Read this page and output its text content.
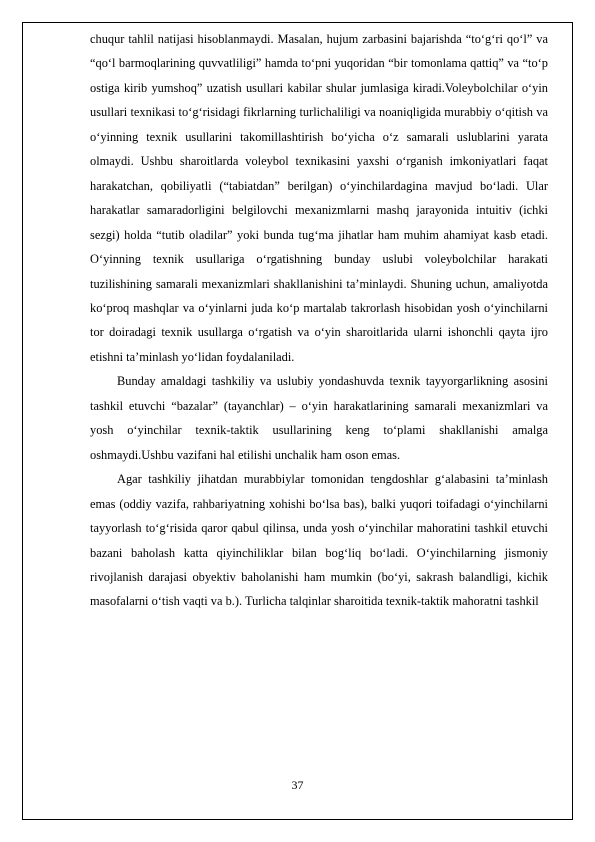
chuqur tahlil natijasi hisoblanmaydi. Masalan, hujum zarbasini bajarishda “to‘g‘ri qo‘l” va “qo‘l barmoqlarining quvvatliligi” hamda to‘pni yuqoridan “bir tomonlama qattiq” va “to‘p ostiga kirib yumshoq” uzatish usullari kabilar shular jumlasiga kiradi.Voleybolchilar o‘yin usullari texnikasi to‘g‘risidagi fikrlarning turlichaliligi va noaniqligida murabbiy o‘qitish va o‘yinning texnik usullarini takomillashtirish bo‘yicha o‘z samarali uslublarini yarata olmaydi. Ushbu sharoitlarda voleybol texnikasini yaxshi o‘rganish imkoniyatlari faqat harakatchan, qobiliyatli (“tabiatdan” berilgan) o‘yinchilardagina mavjud bo‘ladi. Ular harakatlar samaradorligini belgilovchi mexanizmlarni mashq jarayonida intuitiv (ichki sezgi) holda “tutib oladilar” yoki bunda tug‘ma jihatlar ham muhim ahamiyat kasb etadi. O‘yinning texnik usullariga o‘rgatishning bunday uslubi voleybolchilar harakati tuzilishining samarali mexanizmlari shakllanishini ta’minlaydi. Shuning uchun, amaliyotda ko‘proq mashqlar va o‘yinlarni juda ko‘p martalab takrorlash hisobidan yosh o‘yinchilarni tor doiradagi texnik usullarga o‘rgatish va o‘yin sharoitlarida ularni ishonchli qayta ijro etishni ta’minlash yo‘lidan foydalaniladi.

Bunday amaldagi tashkiliy va uslubiy yondashuvda texnik tayyorgarlikning asosini tashkil etuvchi “bazalar” (tayanchlar) – o‘yin harakatlarining samarali mexanizmlari va yosh o‘yinchilar texnik-taktik usullarining keng to‘plami shakllanishi amalga oshmaydi.Ushbu vazifani hal etilishi unchalik ham oson emas.

Agar tashkiliy jihatdan murabbiylar tomonidan tengdoshlar g‘alabasini ta’minlash emas (oddiy vazifa, rahbariyatning xohishi bo‘lsa bas), balki yuqori toifadagi o‘yinchilarni tayyorlash to‘g‘risida qaror qabul qilinsa, unda yosh o‘yinchilar mahoratini tashkil etuvchi bazani baholash katta qiyinchiliklar bilan bog‘liq bo‘ladi. O‘yinchilarning jismoniy rivojlanish darajasi obyektiv baholanishi ham mumkin (bo‘yi, sakrash balandligi, kichik masofalarni o‘tish vaqti va b.). Turlicha talqinlar sharoitida texnik-taktik mahoratni tashkil

37
